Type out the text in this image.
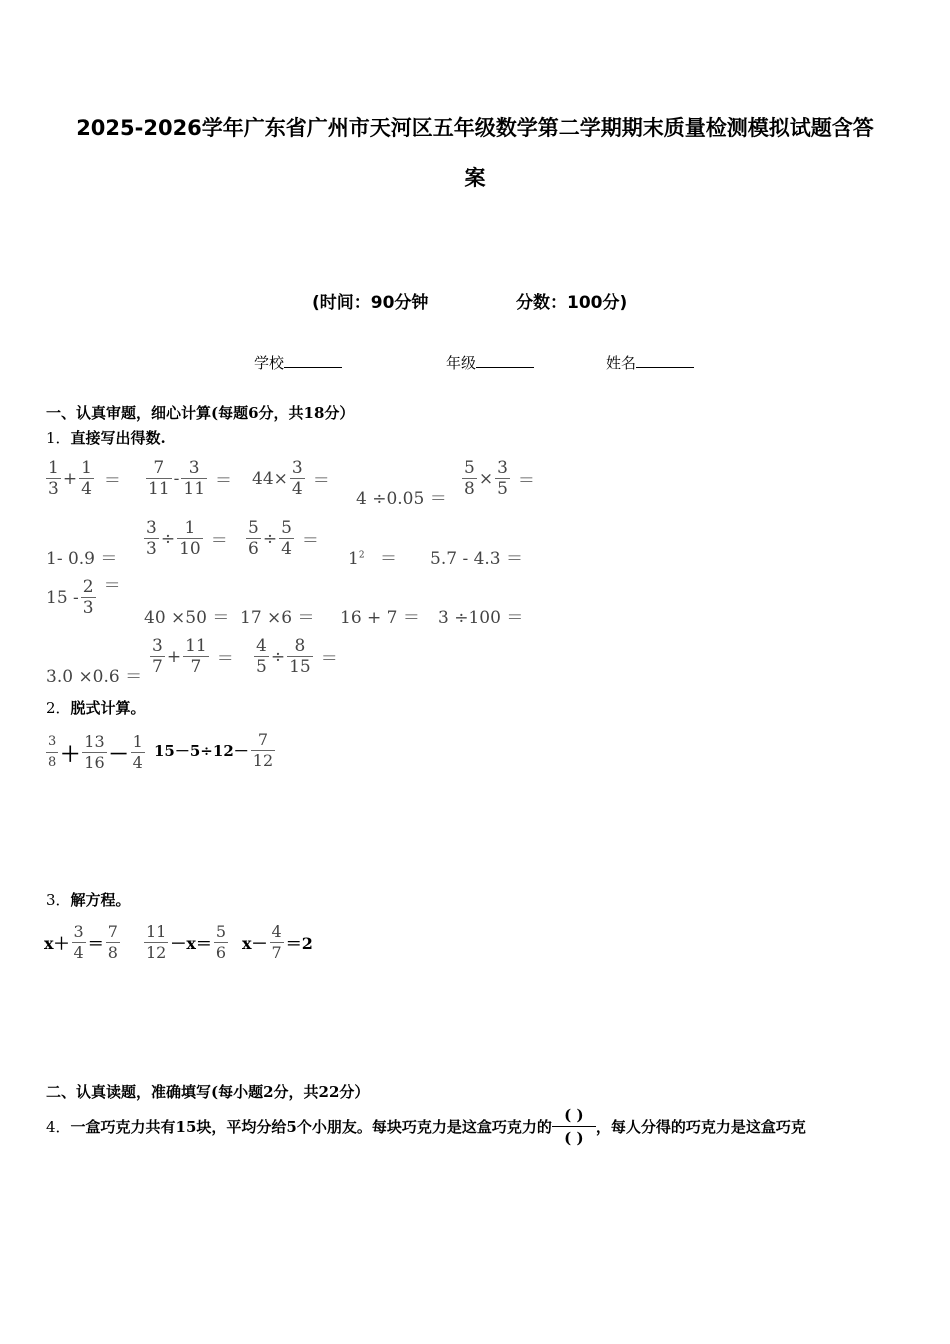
2025-2026学年广东省广州市天河区五年级数学第二学期期末质量检测模拟试题含答
案
(时间：90分钟	分数：100分)
学校	年级	姓名
一、认真审题，细心计算(每题6分，共18分）
1．直接写出得数.
$\frac{1}{3} + \frac{1}{4} = \frac{7}{11} - \frac{3}{11} = 44\times \frac{3}{4}$ ＝
$4 \div 0.05 = \frac{5}{8} \times \frac{3}{5}$ ＝
1- $0.9 = \frac{3}{3} \div \frac{1}{10} = \frac{5}{6} \div \frac{5}{4}$ ＝
$1^2 = 5.7 - 4.3$ ＝
$15 - \frac{2}{3}$ ＝
40 ×50 ＝ 17 ×6 ＝ 16 + 7 ＝ 3 ÷100 ＝
$3.0 \times 0.6 = \frac{3}{7} + \frac{11}{7} = \frac{4}{5} \div \frac{8}{15}$ ＝
2．脱式计算。
$\frac{3}{8} + \frac{13}{16} - \frac{1}{4} 15-5\div 12- \frac{7}{12}$
3．解方程。
$x+ \frac{3}{4} = \frac{7}{8} \frac{11}{12} -x= \frac{5}{6} x- \frac{4}{7} =2$
二、认真读题，准确填写(每小题2分，共22分）
4． 一盒巧克力共有15块，平均分给5个小朋友。每块巧克力是这盒巧克力的 $\frac{( )}{( )}$ ，每人分得的巧克力是这盒巧克
